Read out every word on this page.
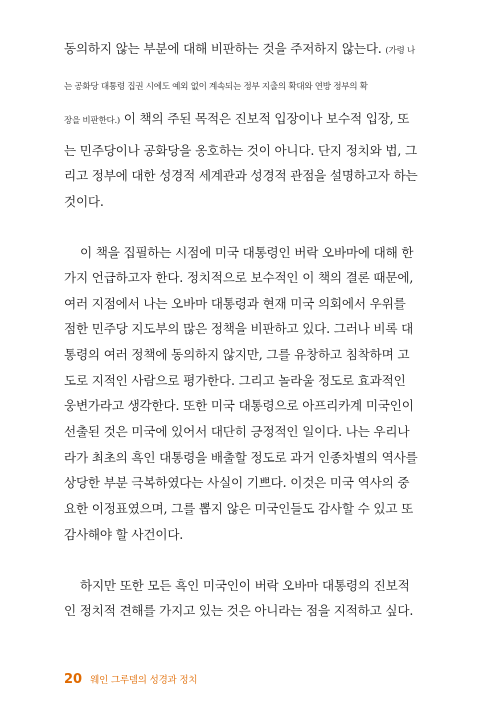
동의하지 않는 부분에 대해 비판하는 것을 주저하지 않는다. (가령 나
는 공화당 대통령 집권 시에도 예외 없이 계속되는 정부 지출의 확대와 연방 정부의 확
장을 비판한다.) 이 책의 주된 목적은 진보적 입장이나 보수적 입장, 또
는 민주당이나 공화당을 옹호하는 것이 아니다. 단지 정치와 법, 그
리고 정부에 대한 성경적 세계관과 성경적 관점을 설명하고자 하는
것이다.
이 책을 집필하는 시점에 미국 대통령인 버락 오바마에 대해 한
가지 언급하고자 한다. 정치적으로 보수적인 이 책의 결론 때문에,
여러 지점에서 나는 오바마 대통령과 현재 미국 의회에서 우위를
점한 민주당 지도부의 많은 정책을 비판하고 있다. 그러나 비록 대
통령의 여러 정책에 동의하지 않지만, 그를 유창하고 침착하며 고
도로 지적인 사람으로 평가한다. 그리고 놀라울 정도로 효과적인
웅변가라고 생각한다. 또한 미국 대통령으로 아프리카계 미국인이
선출된 것은 미국에 있어서 대단히 긍정적인 일이다. 나는 우리나
라가 최초의 흑인 대통령을 배출할 정도로 과거 인종차별의 역사를
상당한 부분 극복하였다는 사실이 기쁘다. 이것은 미국 역사의 중
요한 이정표였으며, 그를 뽑지 않은 미국인들도 감사할 수 있고 또
감사해야 할 사건이다.
하지만 또한 모든 흑인 미국인이 버락 오바마 대통령의 진보적
인 정치적 견해를 가지고 있는 것은 아니라는 점을 지적하고 싶다.
20 웨인 그루뎀의 성경과 정치
